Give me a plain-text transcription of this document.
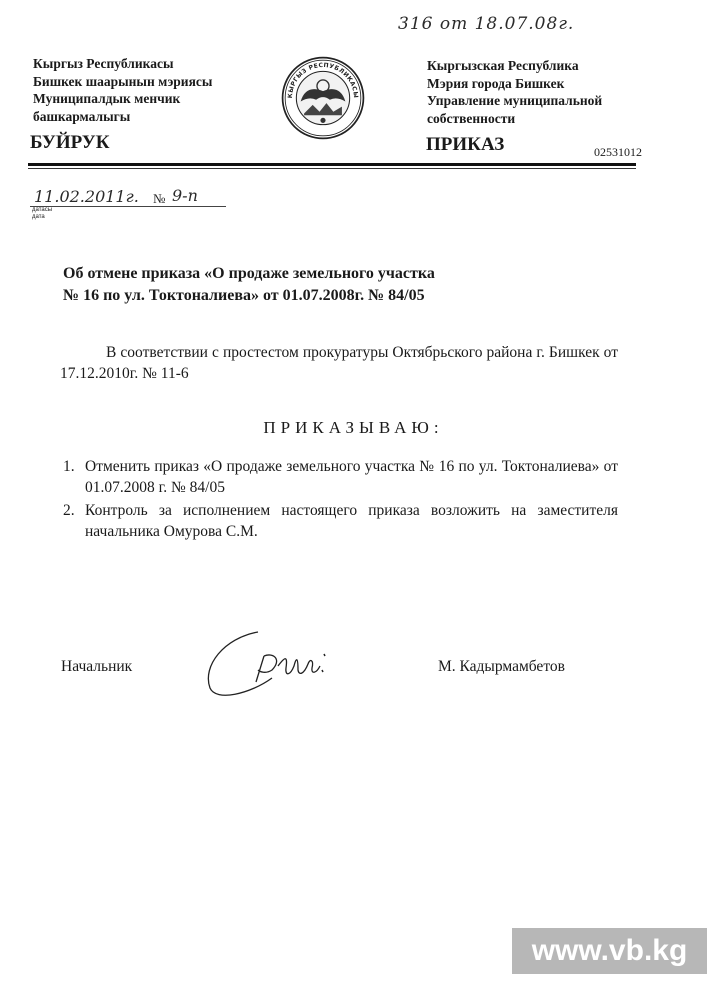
316 от 18.07.08г.
Кыргыз Республикасы
Бишкек шаарынын мэриясы
Муниципалдык менчик
башкармалыгы
КЫРГЫЗ РЕСПУБЛИКАСЫ
Кыргызская Республика
Мэрия города Бишкек
Управление муниципальной
собственности
БУЙРУК	ПРИКАЗ	02531012
11.02.2011г. № 9-п
датасы
дата
Об отмене приказа «О продаже земельного участка
№ 16 по ул. Токтоналиева» от 01.07.2008г. № 84/05
В соответствии с простестом прокуратуры Октябрьского района г. Бишкек от 17.12.2010г. № 11-6
ПРИКАЗЫВАЮ:
1. Отменить приказ «О продаже земельного участка № 16 по ул. Токтоналиева» от 01.07.2008 г. № 84/05
2. Контроль за исполнением настоящего приказа возложить на заместителя начальника Омурова С.М.
Начальник	М. Кадырмамбетов
www.vb.kg
